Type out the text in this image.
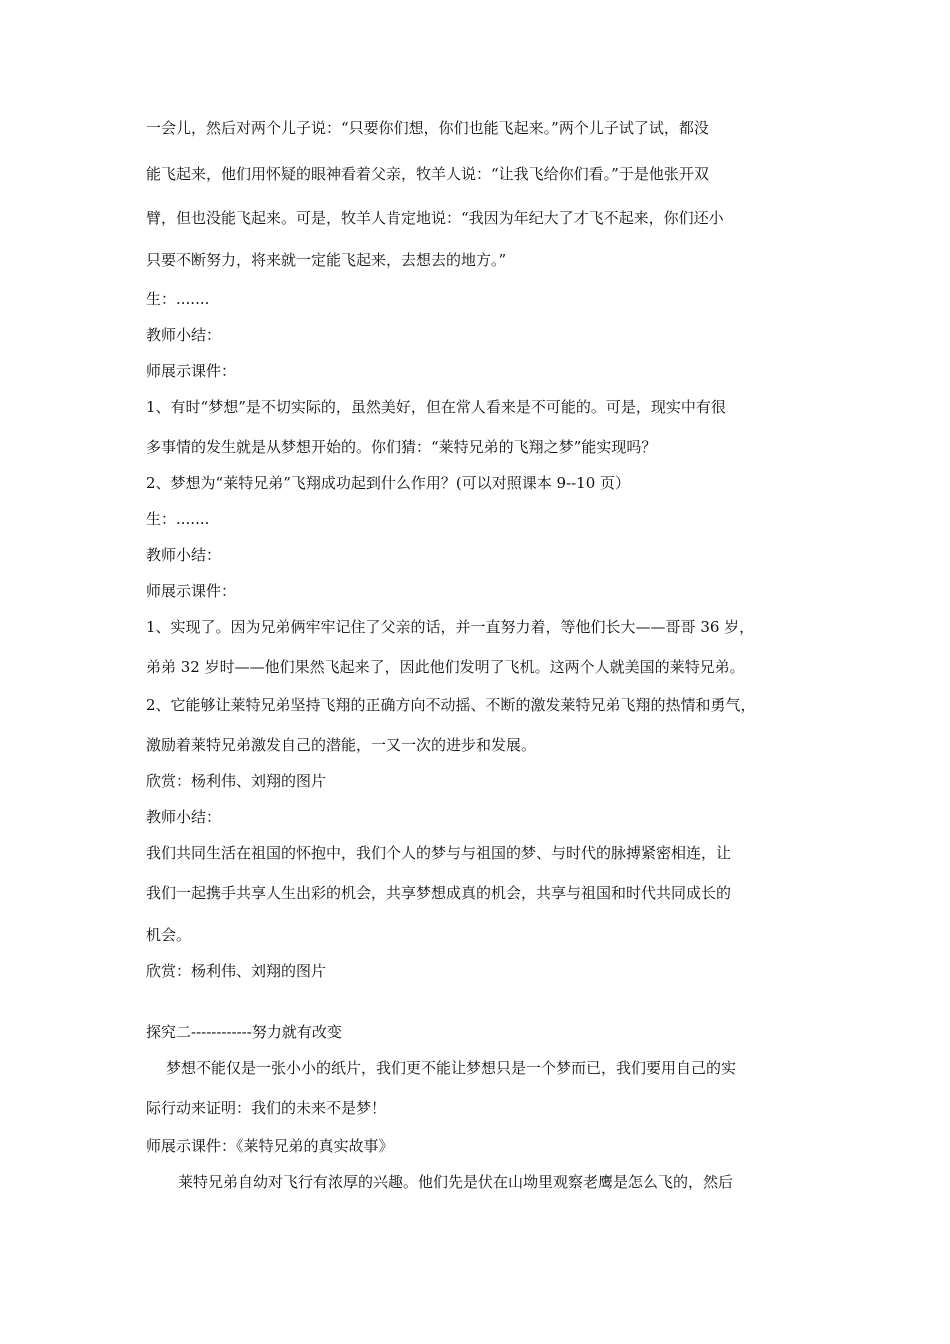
一会儿，然后对两个儿子说：“只要你们想，你们也能飞起来。”两个儿子试了试，都没
能飞起来，他们用怀疑的眼神看着父亲，牧羊人说：“让我飞给你们看。”于是他张开双
臂，但也没能飞起来。可是，牧羊人肯定地说：“我因为年纪大了才飞不起来，你们还小
只要不断努力，将来就一定能飞起来，去想去的地方。”
生：.......
教师小结：
师展示课件：
1、有时“梦想”是不切实际的，虽然美好，但在常人看来是不可能的。可是，现实中有很
多事情的发生就是从梦想开始的。你们猜：“莱特兄弟的飞翔之梦”能实现吗？
2、梦想为“莱特兄弟”飞翔成功起到什么作用？(可以对照课本 9--10 页）
生：.......
教师小结：
师展示课件：
1、实现了。因为兄弟俩牢牢记住了父亲的话，并一直努力着，等他们长大——哥哥 36 岁，
弟弟 32 岁时——他们果然飞起来了，因此他们发明了飞机。这两个人就美国的莱特兄弟。
2、它能够让莱特兄弟坚持飞翔的正确方向不动摇、不断的激发莱特兄弟飞翔的热情和勇气，
激励着莱特兄弟激发自己的潜能，一又一次的进步和发展。
欣赏：杨利伟、刘翔的图片
教师小结：
我们共同生活在祖国的怀抱中，我们个人的梦与与祖国的梦、与时代的脉搏紧密相连，让
我们一起携手共享人生出彩的机会，共享梦想成真的机会，共享与祖国和时代共同成长的
机会。
欣赏：杨利伟、刘翔的图片
探究二------------努力就有改变
梦想不能仅是一张小小的纸片，我们更不能让梦想只是一个梦而已，我们要用自己的实
际行动来证明：我们的未来不是梦！
师展示课件：《莱特兄弟的真实故事》
莱特兄弟自幼对飞行有浓厚的兴趣。他们先是伏在山坳里观察老鹰是怎么飞的，然后
